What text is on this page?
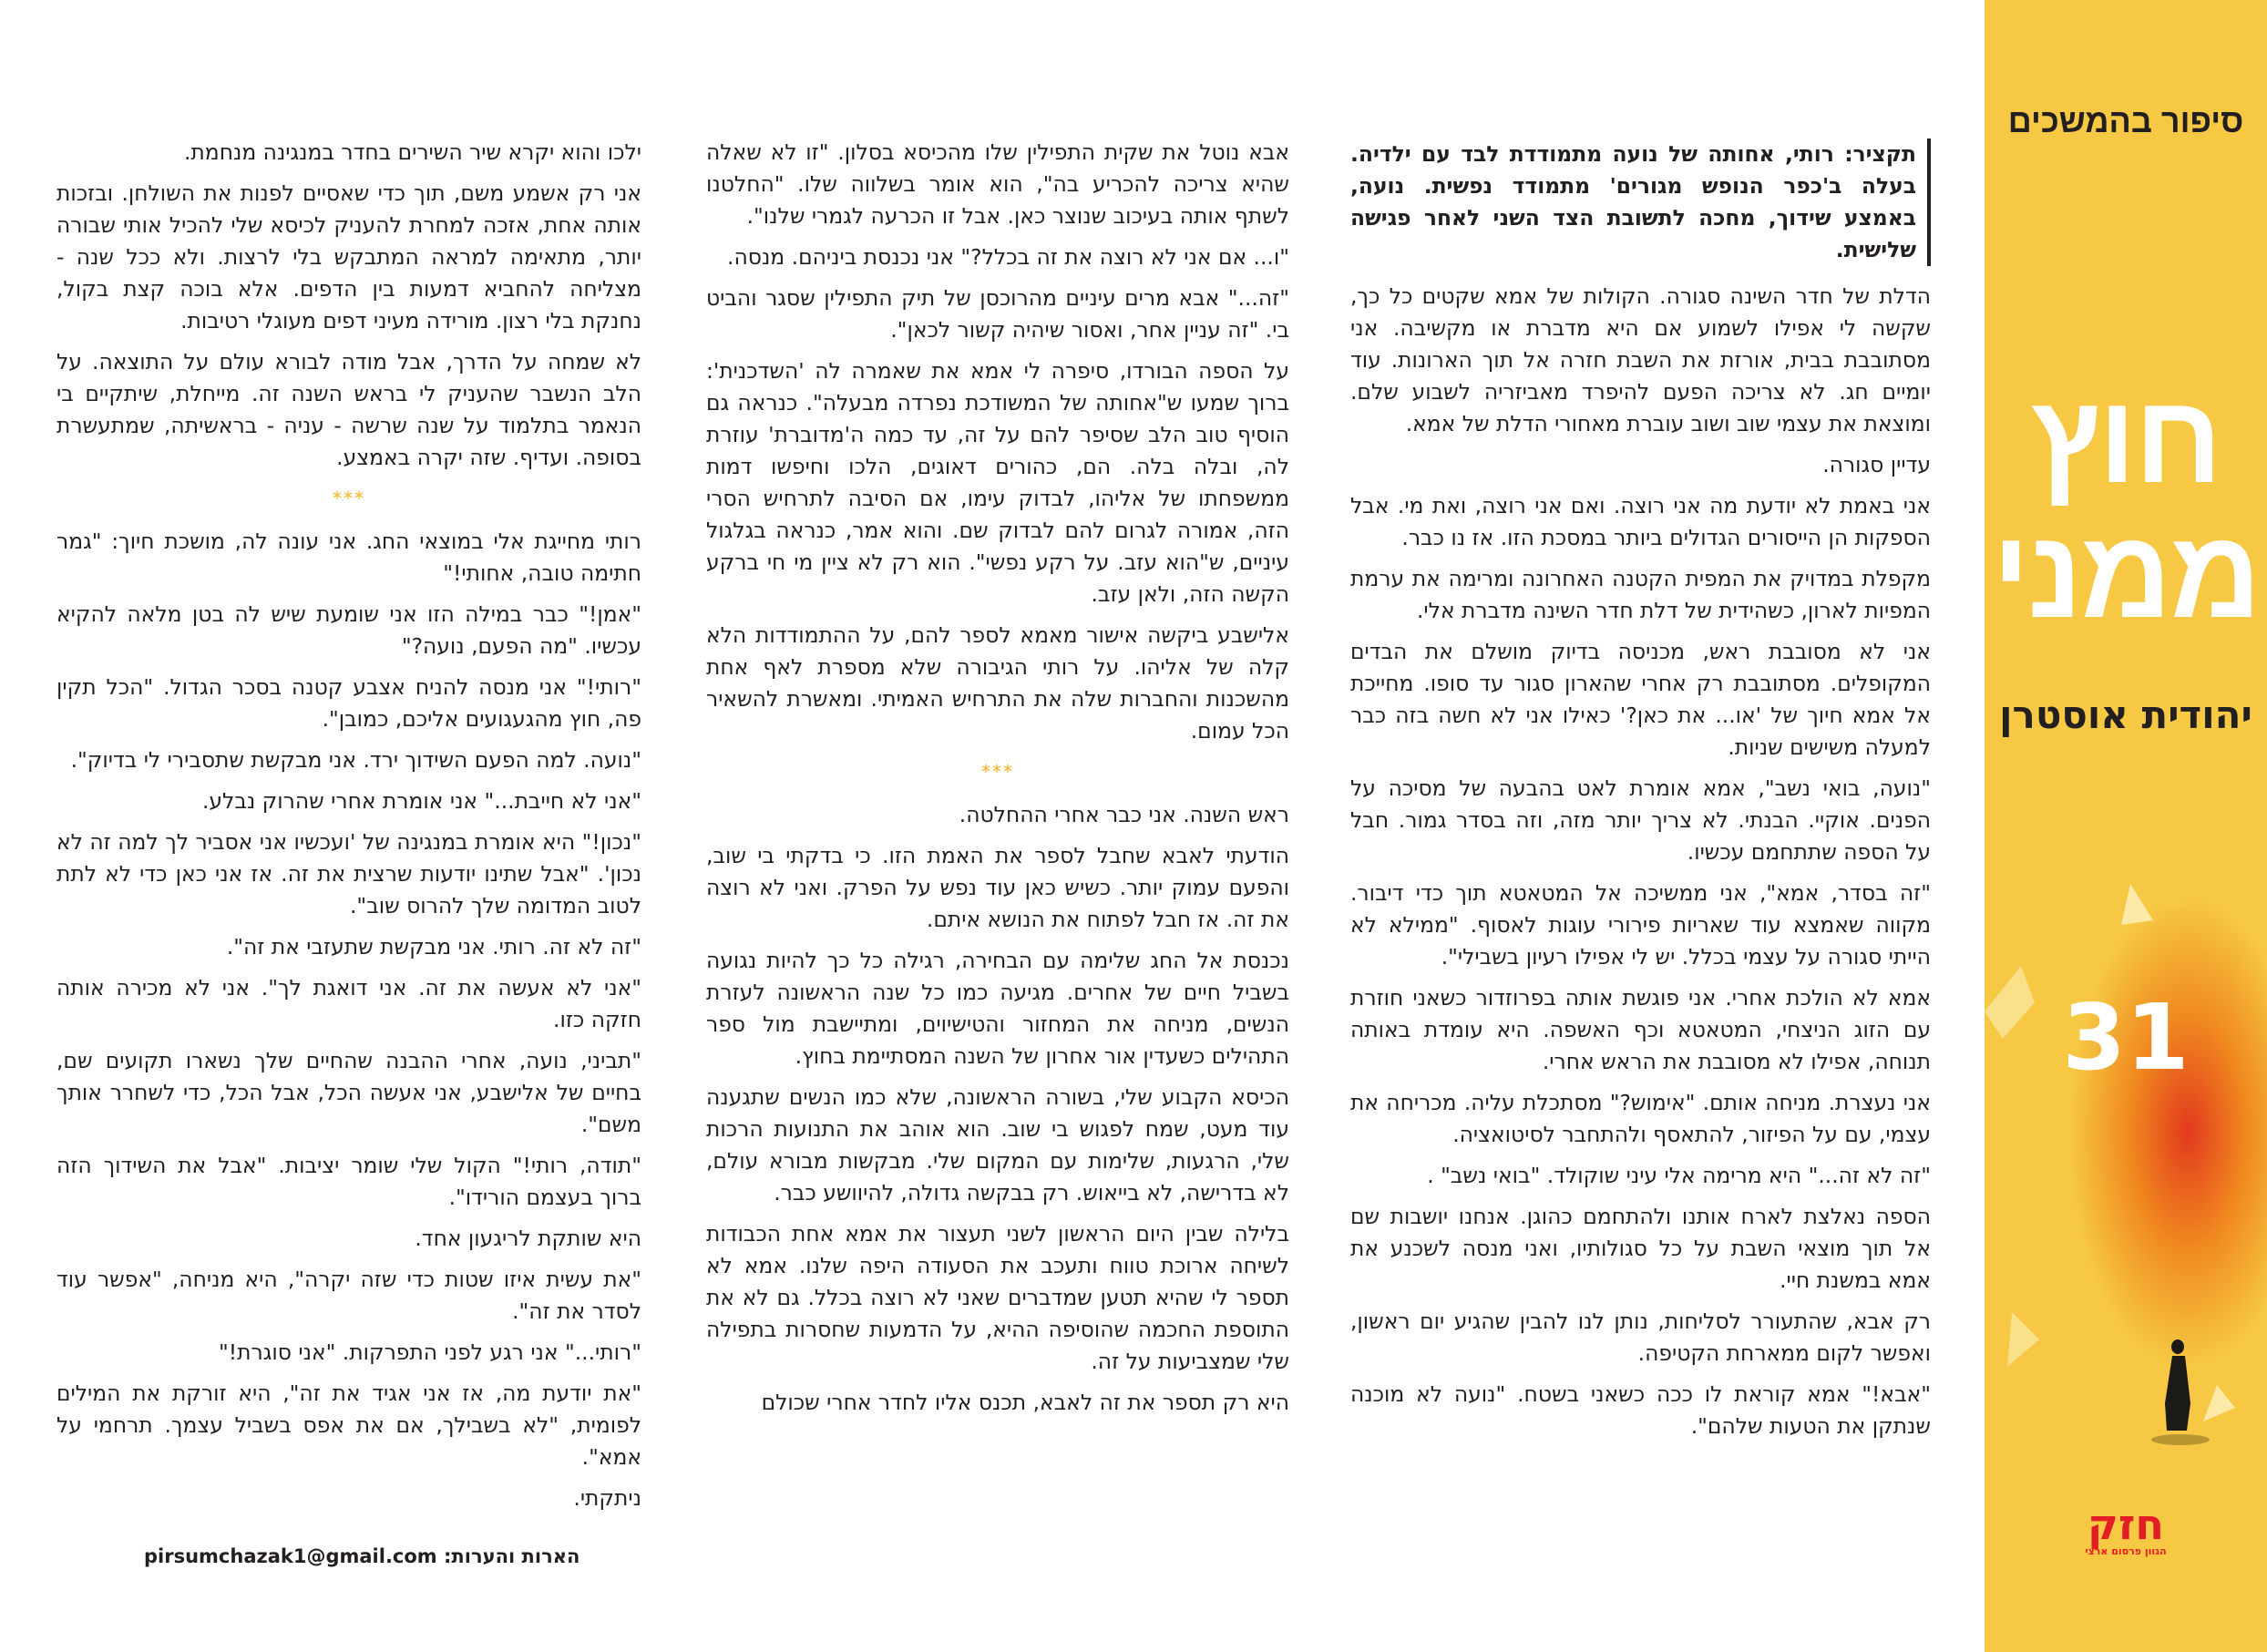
סיפור בהמשכים
חוץ
ממני
יהודית אוסטרן
31
חזק
הגוון פרסום ארצי
תקציר: רותי, אחותה של נועה מתמודדת לבד עם ילדיה. בעלה ב'כפר הנופש מגורים' מתמודד נפשית. נועה, באמצע שידוך, מחכה לתשובת הצד השני לאחר פגישה שלישית.

הדלת של חדר השינה סגורה. הקולות של אמא שקטים כל כך, שקשה לי אפילו לשמוע אם היא מדברת או מקשיבה. אני מסתובבת בבית, אורזת את השבת חזרה אל תוך הארונות. עוד יומיים חג. לא צריכה הפעם להיפרד מאביזריה לשבוע שלם. ומוצאת את עצמי שוב ושוב עוברת מאחורי הדלת של אמא.

עדיין סגורה.

אני באמת לא יודעת מה אני רוצה. ואם אני רוצה, ואת מי. אבל הספקות הן הייסורים הגדולים ביותר במסכת הזו. אז נו כבר.

מקפלת במדויק את המפית הקטנה האחרונה ומרימה את ערמת המפיות לארון, כשהידית של דלת חדר השינה מדברת אלי.

אני לא מסובבת ראש, מכניסה בדיוק מושלם את הבדים המקופלים. מסתובבת רק אחרי שהארון סגור עד סופו. מחייכת אל אמא חיוך של 'או... את כאן?' כאילו אני לא חשה בזה כבר למעלה משישים שניות.

"נועה, בואי נשב", אמא אומרת לאט בהבעה של מסיכה על הפנים. אוקיי. הבנתי. לא צריך יותר מזה, וזה בסדר גמור. חבל על הספה שתתחמם עכשיו.

"זה בסדר, אמא", אני ממשיכה אל המטאטא תוך כדי דיבור. מקווה שאמצא עוד שאריות פירורי עוגות לאסוף. "ממילא לא הייתי סגורה על עצמי בכלל. יש לי אפילו רעיון בשבילי".

אמא לא הולכת אחרי. אני פוגשת אותה בפרוזדור כשאני חוזרת עם הזוג הניצחי, המטאטא וכף האשפה. היא עומדת באותה תנוחה, אפילו לא מסובבת את הראש אחרי.

אני נעצרת. מניחה אותם. "אימוש?" מסתכלת עליה. מכריחה את עצמי, עם על הפיזור, להתאסף ולהתחבר לסיטואציה.

"זה לא זה..." היא מרימה אלי עיני שוקולד. "בואי נשב" .

הספה נאלצת לארח אותנו ולהתחמם כהוגן. אנחנו יושבות שם אל תוך מוצאי השבת על כל סגולותיו, ואני מנסה לשכנע את אמא במשנת חיי.

רק אבא, שהתעורר לסליחות, נותן לנו להבין שהגיע יום ראשון, ואפשר לקום ממארחת הקטיפה.

"אבא!" אמא קוראת לו ככה כשאני בשטח. "נועה לא מוכנה שנתקן את הטעות שלהם".

אבא נוטל את שקית התפילין שלו מהכיסא בסלון. "זו לא שאלה שהיא צריכה להכריע בה", הוא אומר בשלווה שלו. "החלטנו לשתף אותה בעיכוב שנוצר כאן. אבל זו הכרעה לגמרי שלנו".

"ו... אם אני לא רוצה את זה בכלל?" אני נכנסת ביניהם. מנסה.

"זה..." אבא מרים עיניים מהרוכסן של תיק התפילין שסגר והביט בי. "זה עניין אחר, ואסור שיהיה קשור לכאן".

על הספה הבורדו, סיפרה לי אמא את שאמרה לה 'השדכנית': ברוך שמעו ש"אחותה של המשודכת נפרדה מבעלה". כנראה גם הוסיף טוב הלב שסיפר להם על זה, עד כמה ה'מדוברת' עוזרת לה, ובלה בלה. הם, כהורים דאוגים, הלכו וחיפשו דמות ממשפחתו של אליהו, לבדוק עימו, אם הסיבה לתרחיש הסרי הזה, אמורה לגרום להם לבדוק שם. והוא אמר, כנראה בגלגול עיניים, ש"הוא עזב. על רקע נפשי". הוא רק לא ציין מי חי ברקע הקשה הזה, ולאן עזב.

אלישבע ביקשה אישור מאמא לספר להם, על ההתמודדות הלא קלה של אליהו. על רותי הגיבורה שלא מספרת לאף אחת מהשכנות והחברות שלה את התרחיש האמיתי. ומאשרת להשאיר הכל עמום.

***

ראש השנה. אני כבר אחרי ההחלטה.

הודעתי לאבא שחבל לספר את האמת הזו. כי בדקתי בי שוב, והפעם עמוק יותר. כשיש כאן עוד נפש על הפרק. ואני לא רוצה את זה. אז חבל לפתוח את הנושא איתם.

נכנסת אל החג שלימה עם הבחירה, רגילה כל כך להיות נגועה בשביל חיים של אחרים. מגיעה כמו כל שנה הראשונה לעזרת הנשים, מניחה את המחזור והטישיוים, ומתיישבת מול ספר התהילים כשעדין אור אחרון של השנה המסתיימת בחוץ.

הכיסא הקבוע שלי, בשורה הראשונה, שלא כמו הנשים שתגענה עוד מעט, שמח לפגוש בי שוב. הוא אוהב את התנועות הרכות שלי, הרגעות, שלימות עם המקום שלי. מבקשות מבורא עולם, לא בדרישה, לא בייאוש. רק בבקשה גדולה, להיוושע כבר.

בלילה שבין היום הראשון לשני תעצור את אמא אחת הכבודות לשיחה ארוכת טווח ותעכב את הסעודה היפה שלנו. אמא לא תספר לי שהיא תטען שמדברים שאני לא רוצה בכלל. גם לא את התוספת החכמה שהוסיפה ההיא, על הדמעות שחסרות בתפילה שלי שמצביעות על זה.

היא רק תספר את זה לאבא, תכנס אליו לחדר אחרי שכולם

ילכו והוא יקרא שיר השירים בחדר במנגינה מנחמת.

אני רק אשמע משם, תוך כדי שאסיים לפנות את השולחן. ובזכות אותה אחת, אזכה למחרת להעניק לכיסא שלי להכיל אותי שבורה יותר, מתאימה למראה המתבקש בלי לרצות. ולא ככל שנה - מצליחה להחביא דמעות בין הדפים. אלא בוכה קצת בקול, נחנקת בלי רצון. מורידה מעיני דפים מעוגלי רטיבות.

לא שמחה על הדרך, אבל מודה לבורא עולם על התוצאה. על הלב הנשבר שהעניק לי בראש השנה זה. מייחלת, שיתקיים בי הנאמר בתלמוד על שנה שרשה - עניה - בראשיתה, שמתעשרת בסופה. ועדיף. שזה יקרה באמצע.

***

רותי מחייגת אלי במוצאי החג. אני עונה לה, מושכת חיוך: "גמר חתימה טובה, אחותי!"

"אמן!" כבר במילה הזו אני שומעת שיש לה בטן מלאה להקיא עכשיו. "מה הפעם, נועה?"

"רותי!" אני מנסה להניח אצבע קטנה בסכר הגדול. "הכל תקין פה, חוץ מהגעגועים אליכם, כמובן".

"נועה. למה הפעם השידוך ירד. אני מבקשת שתסבירי לי בדיוק".

"אני לא חייבת..." אני אומרת אחרי שהרוק נבלע.

"נכון!" היא אומרת במנגינה של 'ועכשיו אני אסביר לך למה זה לא נכון'. "אבל שתינו יודעות שרצית את זה. אז אני כאן כדי לא לתת לטוב המדומה שלך להרוס שוב".

"זה לא זה. רותי. אני מבקשת שתעזבי את זה".

"אני לא אעשה את זה. אני דואגת לך". אני לא מכירה אותה חזקה כזו.

"תביני, נועה, אחרי ההבנה שהחיים שלך נשארו תקועים שם, בחיים של אלישבע, אני אעשה הכל, אבל הכל, כדי לשחרר אותך משם".

"תודה, רותי!" הקול שלי שומר יציבות. "אבל את השידוך הזה ברוך בעצמם הורידו".

היא שותקת לריגעון אחד.

"את עשית איזו שטות כדי שזה יקרה", היא מניחה, "אפשר עוד לסדר את זה".

"רותי..." אני רגע לפני התפרקות. "אני סוגרת!"

"את יודעת מה, אז אני אגיד את זה", היא זורקת את המילים לפומית, "לא בשבילך, אם את אפס בשביל עצמך. תרחמי על אמא".

ניתקתי.

הארות והערות: pirsumchazak1@gmail.com
